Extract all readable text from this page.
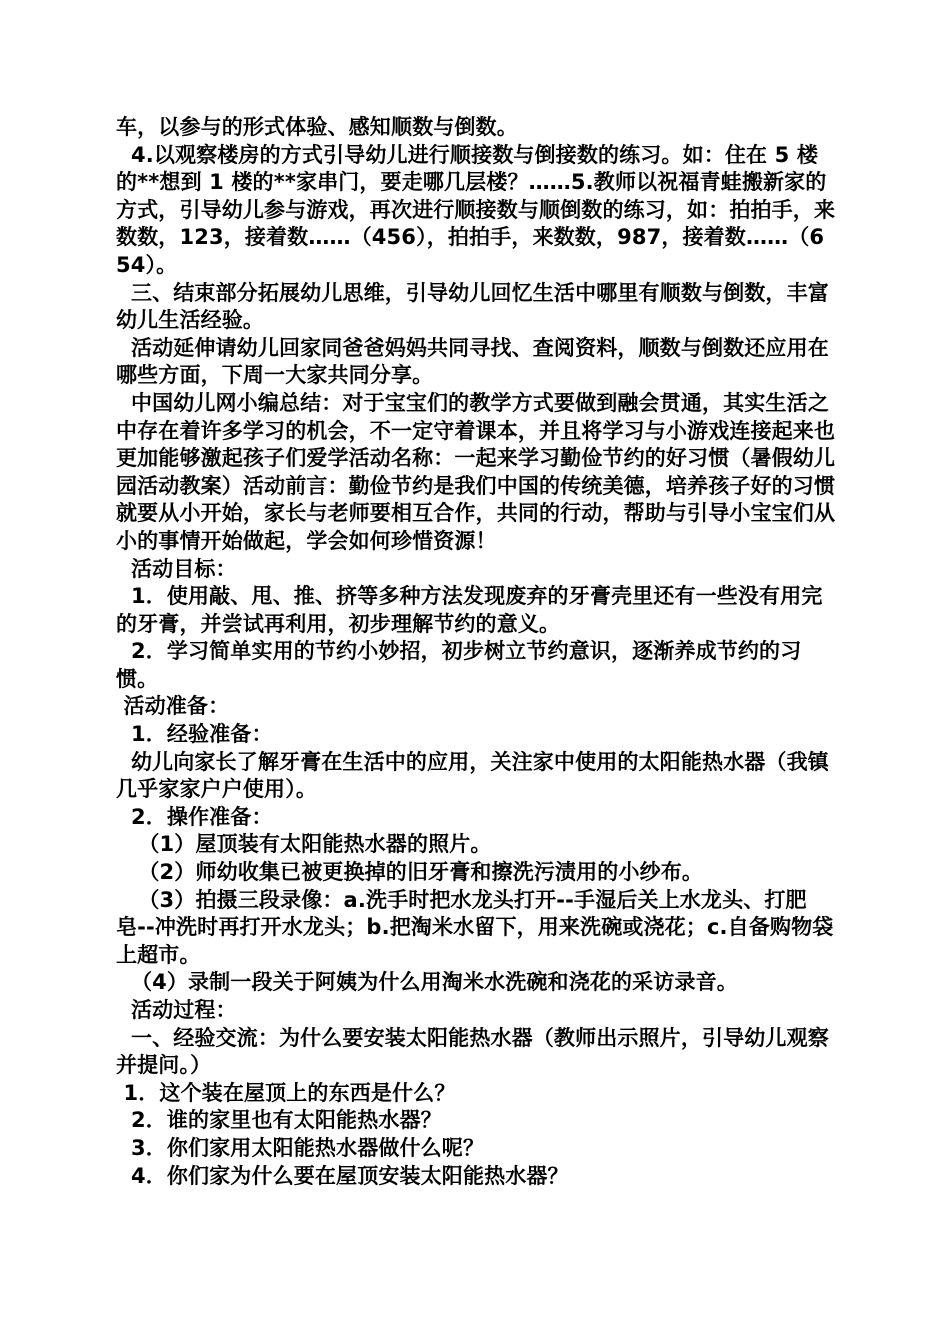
车，以参与的形式体验、感知顺数与倒数。

4.以观察楼房的方式引导幼儿进行顺接数与倒接数的练习。如：住在 5 楼的**想到 1 楼的**家串门，要走哪几层楼？……5.教师以祝福青蛙搬新家的方式，引导幼儿参与游戏，再次进行顺接数与顺倒数的练习，如：拍拍手，来数数，123，接着数……（456），拍拍手，来数数，987，接着数……（654）。

三、结束部分拓展幼儿思维，引导幼儿回忆生活中哪里有顺数与倒数，丰富幼儿生活经验。

活动延伸请幼儿回家同爸爸妈妈共同寻找、查阅资料，顺数与倒数还应用在哪些方面，下周一大家共同分享。

中国幼儿网小编总结：对于宝宝们的教学方式要做到融会贯通，其实生活之中存在着许多学习的机会，不一定守着课本，并且将学习与小游戏连接起来也更加能够激起孩子们爱学活动名称：一起来学习勤俭节约的好习惯（暑假幼儿园活动教案）活动前言：勤俭节约是我们中国的传统美德，培养孩子好的习惯就要从小开始，家长与老师要相互合作，共同的行动，帮助与引导小宝宝们从小的事情开始做起，学会如何珍惜资源！

活动目标：

1．使用敲、甩、推、挤等多种方法发现废弃的牙膏壳里还有一些没有用完的牙膏，并尝试再利用，初步理解节约的意义。

2．学习简单实用的节约小妙招，初步树立节约意识，逐渐养成节约的习惯。

活动准备：

1．经验准备：

幼儿向家长了解牙膏在生活中的应用，关注家中使用的太阳能热水器（我镇几乎家家户户使用）。

2．操作准备：

（1）屋顶装有太阳能热水器的照片。

（2）师幼收集已被更换掉的旧牙膏和擦洗污渍用的小纱布。

（3）拍摄三段录像：a.洗手时把水龙头打开--手湿后关上水龙头、打肥皂--冲洗时再打开水龙头；b.把淘米水留下，用来洗碗或浇花；c.自备购物袋上超市。

（4）录制一段关于阿姨为什么用淘米水洗碗和浇花的采访录音。

活动过程：

一、经验交流：为什么要安装太阳能热水器（教师出示照片，引导幼儿观察并提问。）

1．这个装在屋顶上的东西是什么？

2．谁的家里也有太阳能热水器？

3．你们家用太阳能热水器做什么呢？

4．你们家为什么要在屋顶安装太阳能热水器？
